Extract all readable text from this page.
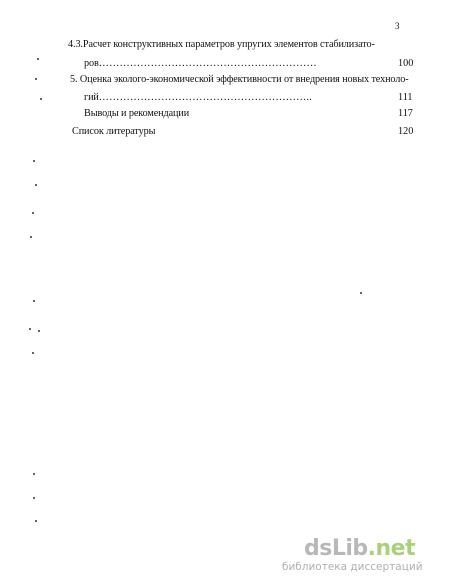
3
4.3.Расчет конструктивных параметров упругих элементов стабилизато-
ров………………………………………………………	100
5. Оценка эколого-экономической эффективности от внедрения новых техноло-
гий……………………………………………………..	111
Выводы и рекомендации	117
Список литературы	120
dsLib.net
библиотека диссертаций
